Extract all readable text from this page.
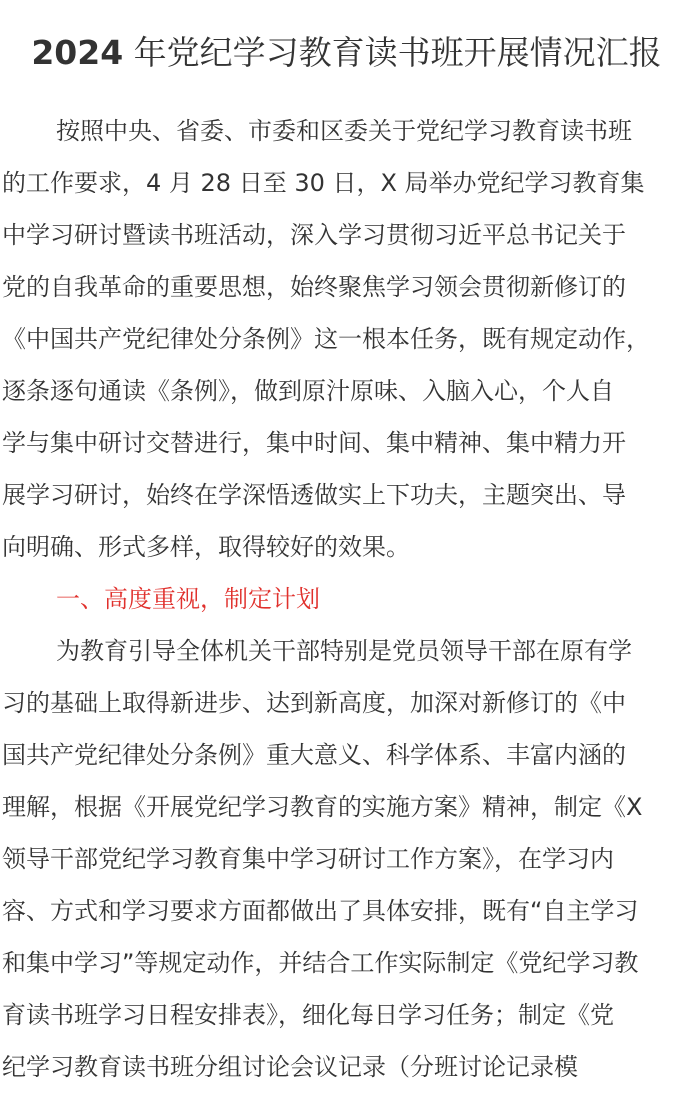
2024 年党纪学习教育读书班开展情况汇报
按照中央、省委、市委和区委关于党纪学习教育读书班
的工作要求，4 月 28 日至 30 日，X 局举办党纪学习教育集
中学习研讨暨读书班活动，深入学习贯彻习近平总书记关于
党的自我革命的重要思想，始终聚焦学习领会贯彻新修订的
《中国共产党纪律处分条例》这一根本任务，既有规定动作，
逐条逐句通读《条例》，做到原汁原味、入脑入心，个人自
学与集中研讨交替进行，集中时间、集中精神、集中精力开
展学习研讨，始终在学深悟透做实上下功夫，主题突出、导
向明确、形式多样，取得较好的效果。
一、高度重视，制定计划
为教育引导全体机关干部特别是党员领导干部在原有学
习的基础上取得新进步、达到新高度，加深对新修订的《中
国共产党纪律处分条例》重大意义、科学体系、丰富内涵的
理解，根据《开展党纪学习教育的实施方案》精神，制定《X
领导干部党纪学习教育集中学习研讨工作方案》，在学习内
容、方式和学习要求方面都做出了具体安排，既有“自主学习
和集中学习”等规定动作，并结合工作实际制定《党纪学习教
育读书班学习日程安排表》，细化每日学习任务；制定《党
纪学习教育读书班分组讨论会议记录（分班讨论记录模
